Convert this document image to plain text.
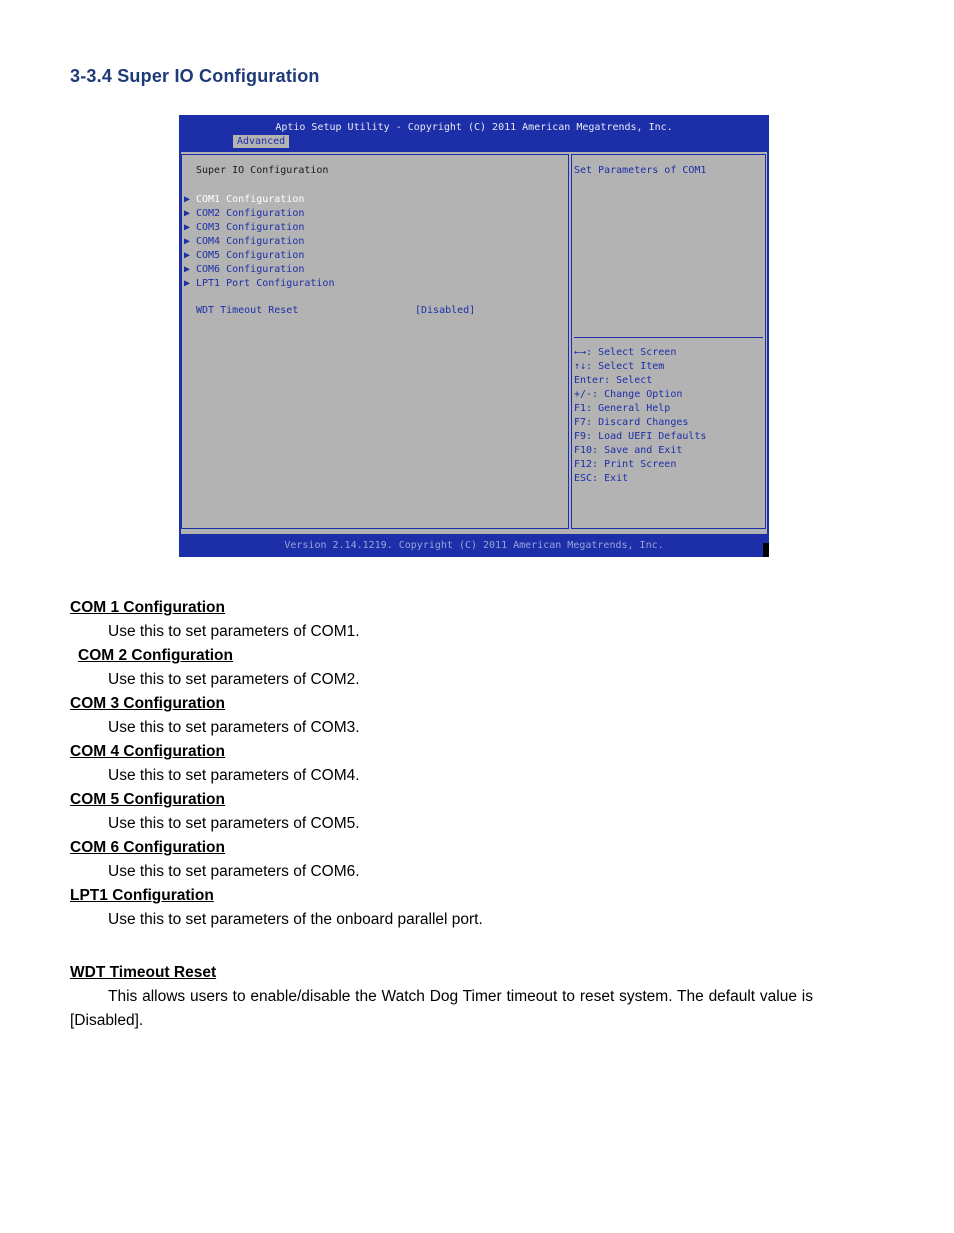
3-3.4 Super IO Configuration
Aptio Setup Utility - Copyright (C) 2011 American Megatrends, Inc.
Advanced
Super IO Configuration
▶ COM1 Configuration
▶ COM2 Configuration
▶ COM3 Configuration
▶ COM4 Configuration
▶ COM5 Configuration
▶ COM6 Configuration
▶ LPT1 Port Configuration
WDT Timeout Reset	[Disabled]
Set Parameters of COM1
←→: Select Screen
↑↓: Select Item
Enter: Select
+/-: Change Option
F1: General Help
F7: Discard Changes
F9: Load UEFI Defaults
F10: Save and Exit
F12: Print Screen
ESC: Exit
Version 2.14.1219. Copyright (C) 2011 American Megatrends, Inc.
COM 1 Configuration
Use this to set parameters of COM1.
COM 2 Configuration
Use this to set parameters of COM2.
COM 3 Configuration
Use this to set parameters of COM3.
COM 4 Configuration
Use this to set parameters of COM4.
COM 5 Configuration
Use this to set parameters of COM5.
COM 6 Configuration
Use this to set parameters of COM6.
LPT1 Configuration
Use this to set parameters of the onboard parallel port.
WDT Timeout Reset
This allows users to enable/disable the Watch Dog Timer timeout to reset system. The default value is [Disabled].
